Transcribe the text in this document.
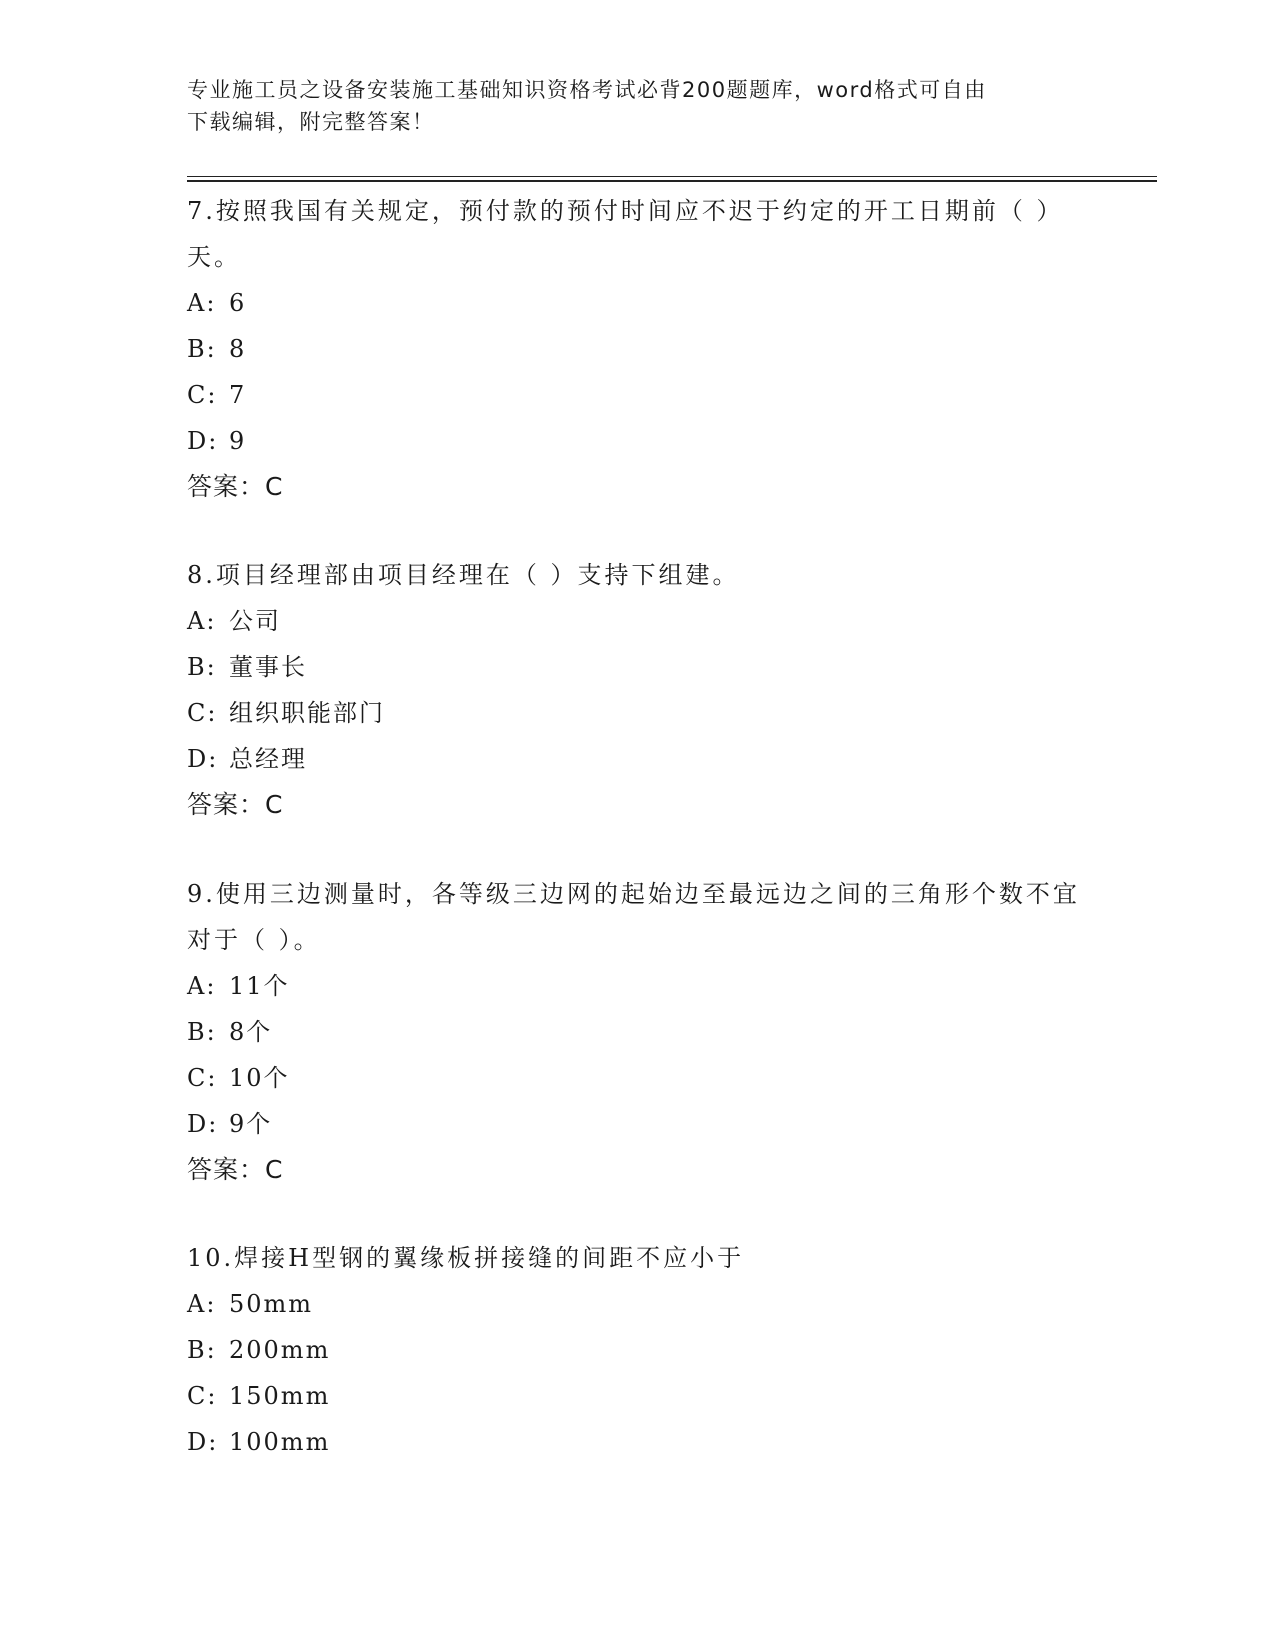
专业施工员之设备安装施工基础知识资格考试必背200题题库，word格式可自由
下载编辑，附完整答案！

7.按照我国有关规定，预付款的预付时间应不迟于约定的开工日期前（ ）天。

A: 6
B: 8
C: 7
D: 9
答案：C

8.项目经理部由项目经理在（ ）支持下组建。

A: 公司
B: 董事长
C: 组织职能部门
D: 总经理
答案：C

9.使用三边测量时，各等级三边网的起始边至最远边之间的三角形个数不宜对于（ ）。

A: 11个
B: 8个
C: 10个
D: 9个
答案：C

10.焊接H型钢的翼缘板拼接缝的间距不应小于

A: 50mm
B: 200mm
C: 150mm
D: 100mm
